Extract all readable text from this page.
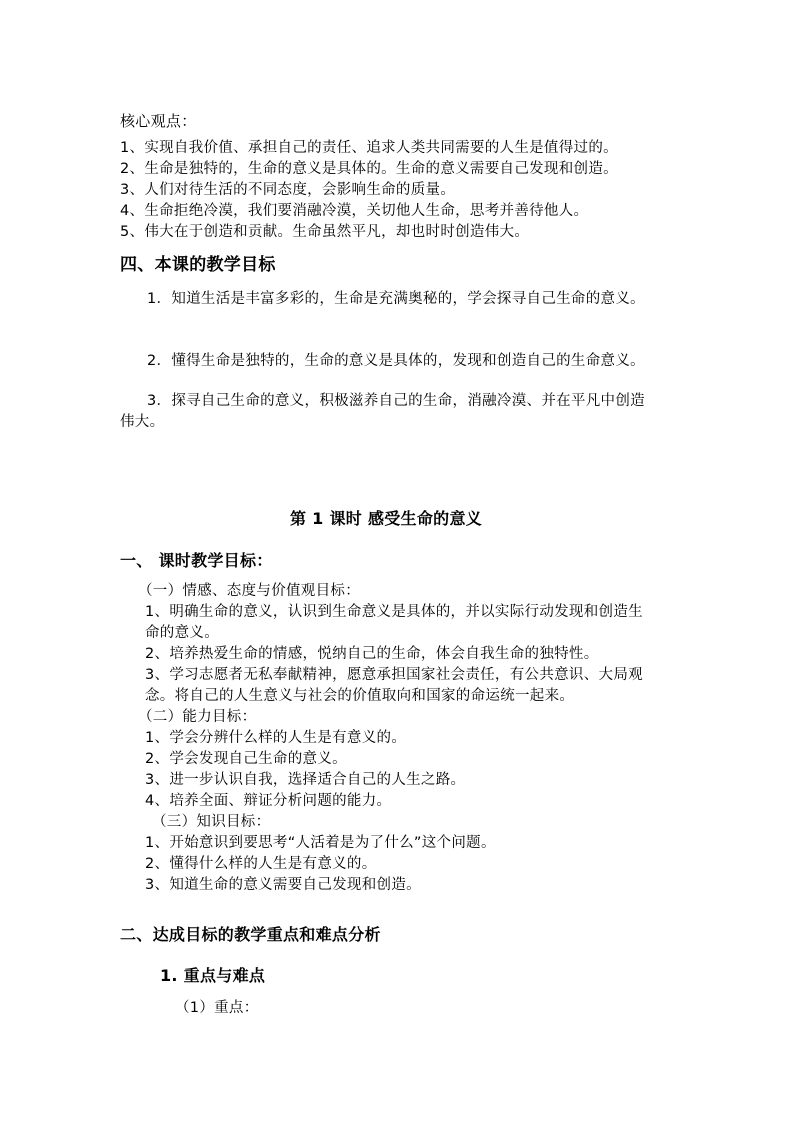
核心观点：
1、实现自我价值、承担自己的责任、追求人类共同需要的人生是值得过的。
2、生命是独特的，生命的意义是具体的。生命的意义需要自己发现和创造。
3、人们对待生活的不同态度，会影响生命的质量。
4、生命拒绝冷漠，我们要消融冷漠，关切他人生命，思考并善待他人。
5、伟大在于创造和贡献。生命虽然平凡，却也时时创造伟大。
四、本课的教学目标
1．知道生活是丰富多彩的，生命是充满奥秘的，学会探寻自己生命的意义。
2．懂得生命是独特的，生命的意义是具体的，发现和创造自己的生命意义。
3．探寻自己生命的意义，积极滋养自己的生命，消融冷漠、并在平凡中创造
伟大。
第 1 课时 感受生命的意义
一、 课时教学目标：
（一）情感、态度与价值观目标：
1、明确生命的意义，认识到生命意义是具体的，并以实际行动发现和创造生
命的意义。
2、培养热爱生命的情感，悦纳自己的生命，体会自我生命的独特性。
3、学习志愿者无私奉献精神，愿意承担国家社会责任，有公共意识、大局观
念。将自己的人生意义与社会的价值取向和国家的命运统一起来。
（二）能力目标：
1、学会分辨什么样的人生是有意义的。
2、学会发现自己生命的意义。
3、进一步认识自我，选择适合自己的人生之路。
4、培养全面、辩证分析问题的能力。
（三）知识目标：
1、开始意识到要思考“人活着是为了什么”这个问题。
2、懂得什么样的人生是有意义的。
3、知道生命的意义需要自己发现和创造。
二、达成目标的教学重点和难点分析
1. 重点与难点
（1）重点：
